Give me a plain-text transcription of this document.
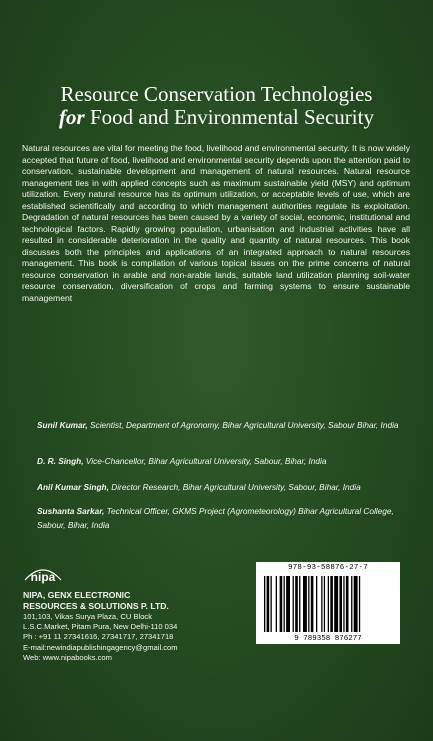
Resource Conservation Technologies
for Food and Environmental Security
Natural resources are vital for meeting the food, livelihood and environmental security. It is now widely accepted that future of food, livelihood and environmental security depends upon the attention paid to conservation, sustainable development and management of natural resources. Natural resource management ties in with applied concepts such as maximum sustainable yield (MSY) and optimum utilization. Every natural resource has its optimum utilization, or acceptable levels of use, which are established scientifically and according to which management authorities regulate its exploitation. Degradation of natural resources has been caused by a variety of social, economic, institutional and technological factors. Rapidly growing population, urbanisation and industrial activities have all resulted in considerable deterioration in the quality and quantity of natural resources. This book discusses both the principles and applications of an integrated approach to natural resources management. This book is compilation of various topical issues on the prime concerns of natural resource conservation in arable and non-arable lands, suitable land utilization planning soil-water resource conservation, diversification of crops and farming systems to ensure sustainable management
Sunil Kumar, Scientist, Department of Agronomy, Bihar Agricultural University, Sabour Bihar, India
D. R. Singh, Vice-Chancellor, Bihar Agricultural University, Sabour, Bihar, India
Anil Kumar Singh, Director Research, Bihar Agricultural University, Sabour, Bihar, India
Sushanta Sarkar, Technical Officer, GKMS Project (Agrometeorology) Bihar Agricultural College, Sabour, Bihar, India
nipa
NIPA, GENX ELECTRONIC
RESOURCES & SOLUTIONS P. LTD.
101,103, Vikas Surya Plaza, CU Block
L.S.C.Market, Pitam Pura, New Delhi-110 034
Ph : +91 11 27341616, 27341717, 27341718
E-mail:newindiapublishingagency@gmail.com
Web: www.nipabooks.com
978-93-58876-27-7
9 789358 876277
